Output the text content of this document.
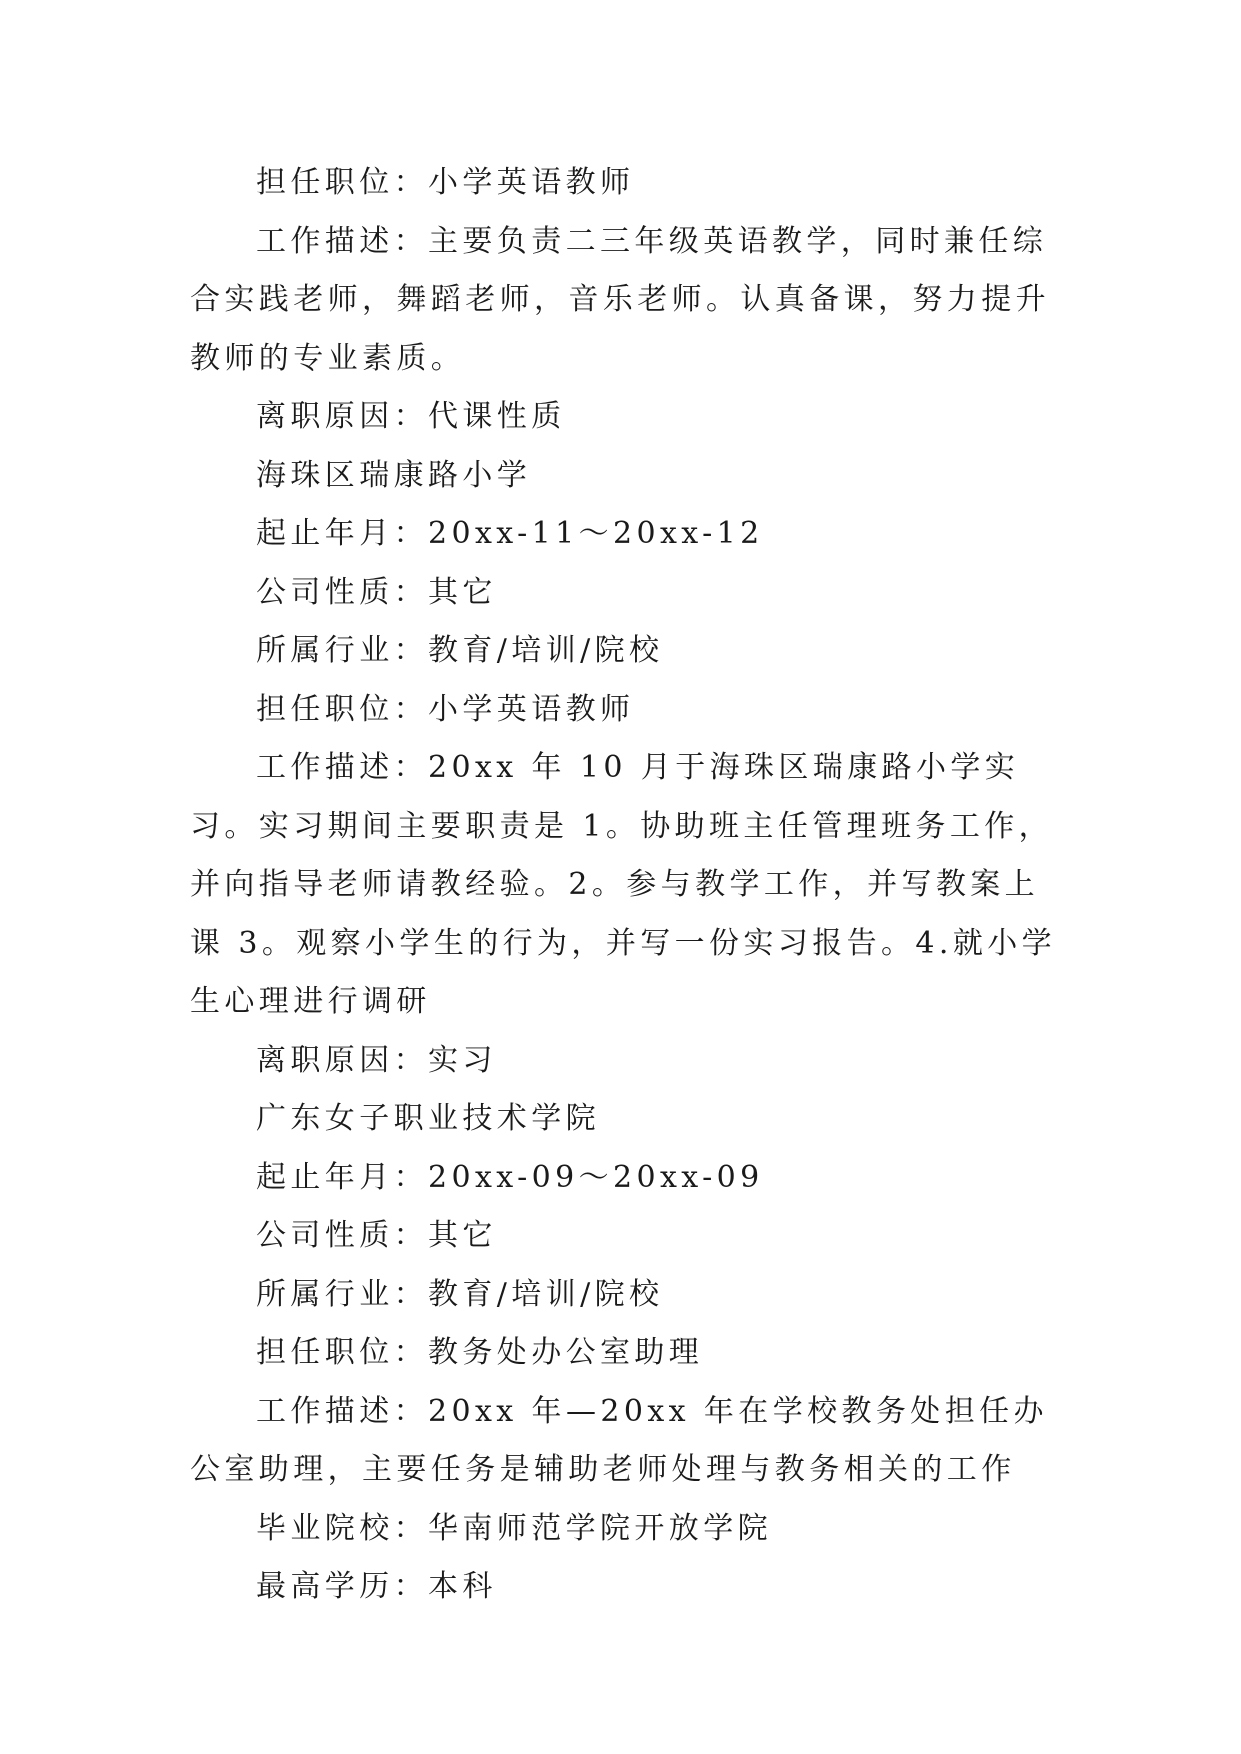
担任职位：小学英语教师

工作描述：主要负责二三年级英语教学，同时兼任综合实践老师，舞蹈老师，音乐老师。认真备课，努力提升教师的专业素质。

离职原因：代课性质

海珠区瑞康路小学

起止年月：20xx-11～20xx-12

公司性质：其它

所属行业：教育/培训/院校

担任职位：小学英语教师

工作描述：20xx 年 10 月于海珠区瑞康路小学实习。实习期间主要职责是 1。协助班主任管理班务工作，并向指导老师请教经验。2。参与教学工作，并写教案上课 3。观察小学生的行为，并写一份实习报告。4.就小学生心理进行调研

离职原因：实习

广东女子职业技术学院

起止年月：20xx-09～20xx-09

公司性质：其它

所属行业：教育/培训/院校

担任职位：教务处办公室助理

工作描述：20xx 年—20xx 年在学校教务处担任办公室助理，主要任务是辅助老师处理与教务相关的工作

毕业院校：华南师范学院开放学院

最高学历：本科
